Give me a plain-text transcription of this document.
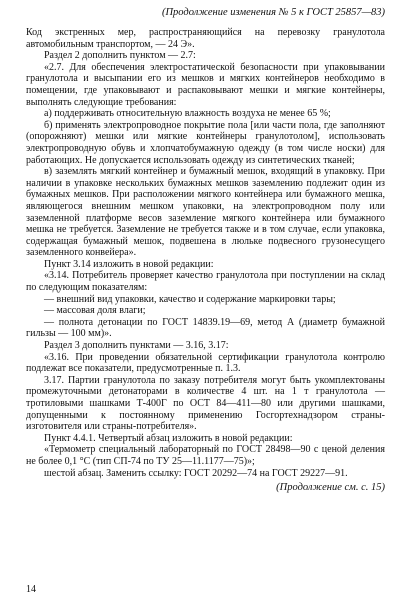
(Продолжение изменения № 5 к ГОСТ 25857—83)

Код экстренных мер, распространяющийся на перевозку гранулотола автомобильным транспортом, — 24 Э».

Раздел 2 дополнить пунктом — 2.7:

«2.7. Для обеспечения электростатической безопасности при упаковывании гранулотола и высыпании его из мешков и мягких контейнеров необходимо в помещении, где упаковывают и распаковывают мешки и мягкие контейнеры, выполнять следующие требования:

а) поддерживать относительную влажность воздуха не менее 65 %;

б) применять электропроводное покрытие пола [или части пола, где заполняют (опорожняют) мешки или мягкие контейнеры гранулотолом], использовать электропроводную обувь и хлопчатобумажную одежду (в том числе носки) для работающих. Не допускается использовать одежду из синтетических тканей;

в) заземлять мягкий контейнер и бумажный мешок, входящий в упаковку. При наличии в упаковке нескольких бумажных мешков заземлению подлежит один из бумажных мешков. При расположении мягкого контейнера или бумажного мешка, являющегося внешним мешком упаковки, на электропроводном полу или заземленной платформе весов заземление мягкого контейнера или бумажного мешка не требуется. Заземление не требуется также и в том случае, если упаковка, содержащая бумажный мешок, подвешена в люльке подвесного грузонесущего заземленного конвейера».

Пункт 3.14 изложить в новой редакции:

«3.14. Потребитель проверяет качество гранулотола при поступлении на склад по следующим показателям:

— внешний вид упаковки, качество и содержание маркировки тары;

— массовая доля влаги;

— полнота детонации по ГОСТ 14839.19—69, метод А (диаметр бумажной гильзы — 100 мм)».

Раздел 3 дополнить пунктами — 3.16, 3.17:

«3.16. При проведении обязательной сертификации гранулотола контролю подлежат все показатели, предусмотренные п. 1.3.

3.17. Партии гранулотола по заказу потребителя могут быть укомплектованы промежуточными детонаторами в количестве 4 шт. на 1 т гранулотола — тротиловыми шашками Т-400Г по ОСТ 84—411—80 или другими шашками, допущенными к постоянному применению Госгортехнадзором страны-изготовителя или страны-потребителя».

Пункт 4.4.1. Четвертый абзац изложить в новой редакции:

«Термометр специальный лабораторный по ГОСТ 28498—90 с ценой деления не более 0,1 °С (тип СП-74 по ТУ 25—11.1177—75)»;

шестой абзац. Заменить ссылку: ГОСТ 20292—74 на ГОСТ 29227—91.

(Продолжение см. с. 15)
14
